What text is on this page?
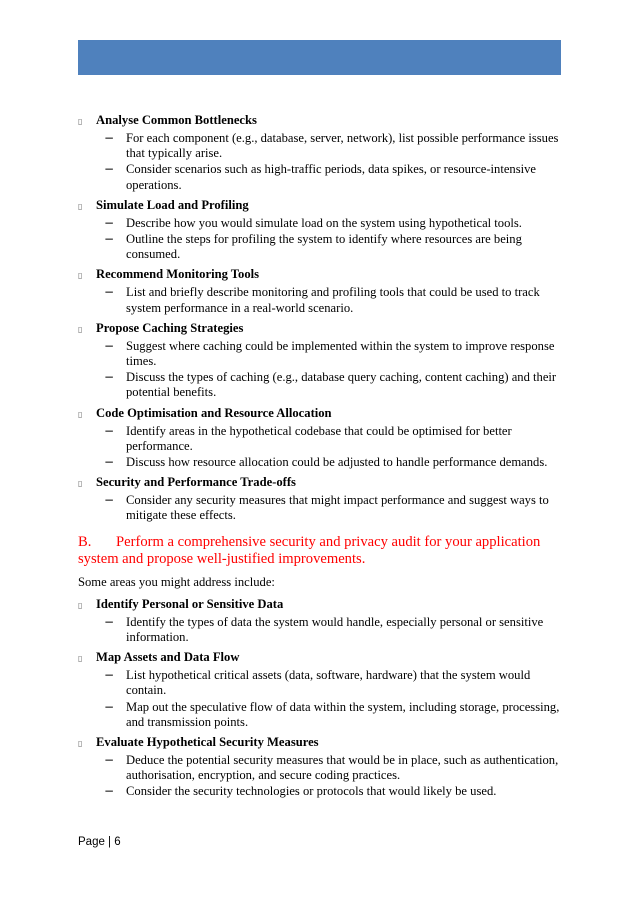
▯	Analyse Common Bottlenecks
− For each component (e.g., database, server, network), list possible performance issues that typically arise.
− Consider scenarios such as high-traffic periods, data spikes, or resource-intensive operations.
▯	Simulate Load and Profiling
− Describe how you would simulate load on the system using hypothetical tools.
− Outline the steps for profiling the system to identify where resources are being consumed.
▯	Recommend Monitoring Tools
− List and briefly describe monitoring and profiling tools that could be used to track system performance in a real-world scenario.
▯	Propose Caching Strategies
− Suggest where caching could be implemented within the system to improve response times.
− Discuss the types of caching (e.g., database query caching, content caching) and their potential benefits.
▯	Code Optimisation and Resource Allocation
− Identify areas in the hypothetical codebase that could be optimised for better performance.
− Discuss how resource allocation could be adjusted to handle performance demands.
▯	Security and Performance Trade-offs
− Consider any security measures that might impact performance and suggest ways to mitigate these effects.
B. Perform a comprehensive security and privacy audit for your application system and propose well-justified improvements.

Some areas you might address include:

▯	Identify Personal or Sensitive Data
− Identify the types of data the system would handle, especially personal or sensitive information.
▯	Map Assets and Data Flow
− List hypothetical critical assets (data, software, hardware) that the system would contain.
− Map out the speculative flow of data within the system, including storage, processing, and transmission points.
▯	Evaluate Hypothetical Security Measures
− Deduce the potential security measures that would be in place, such as authentication, authorisation, encryption, and secure coding practices.
− Consider the security technologies or protocols that would likely be used.
Page | 6
